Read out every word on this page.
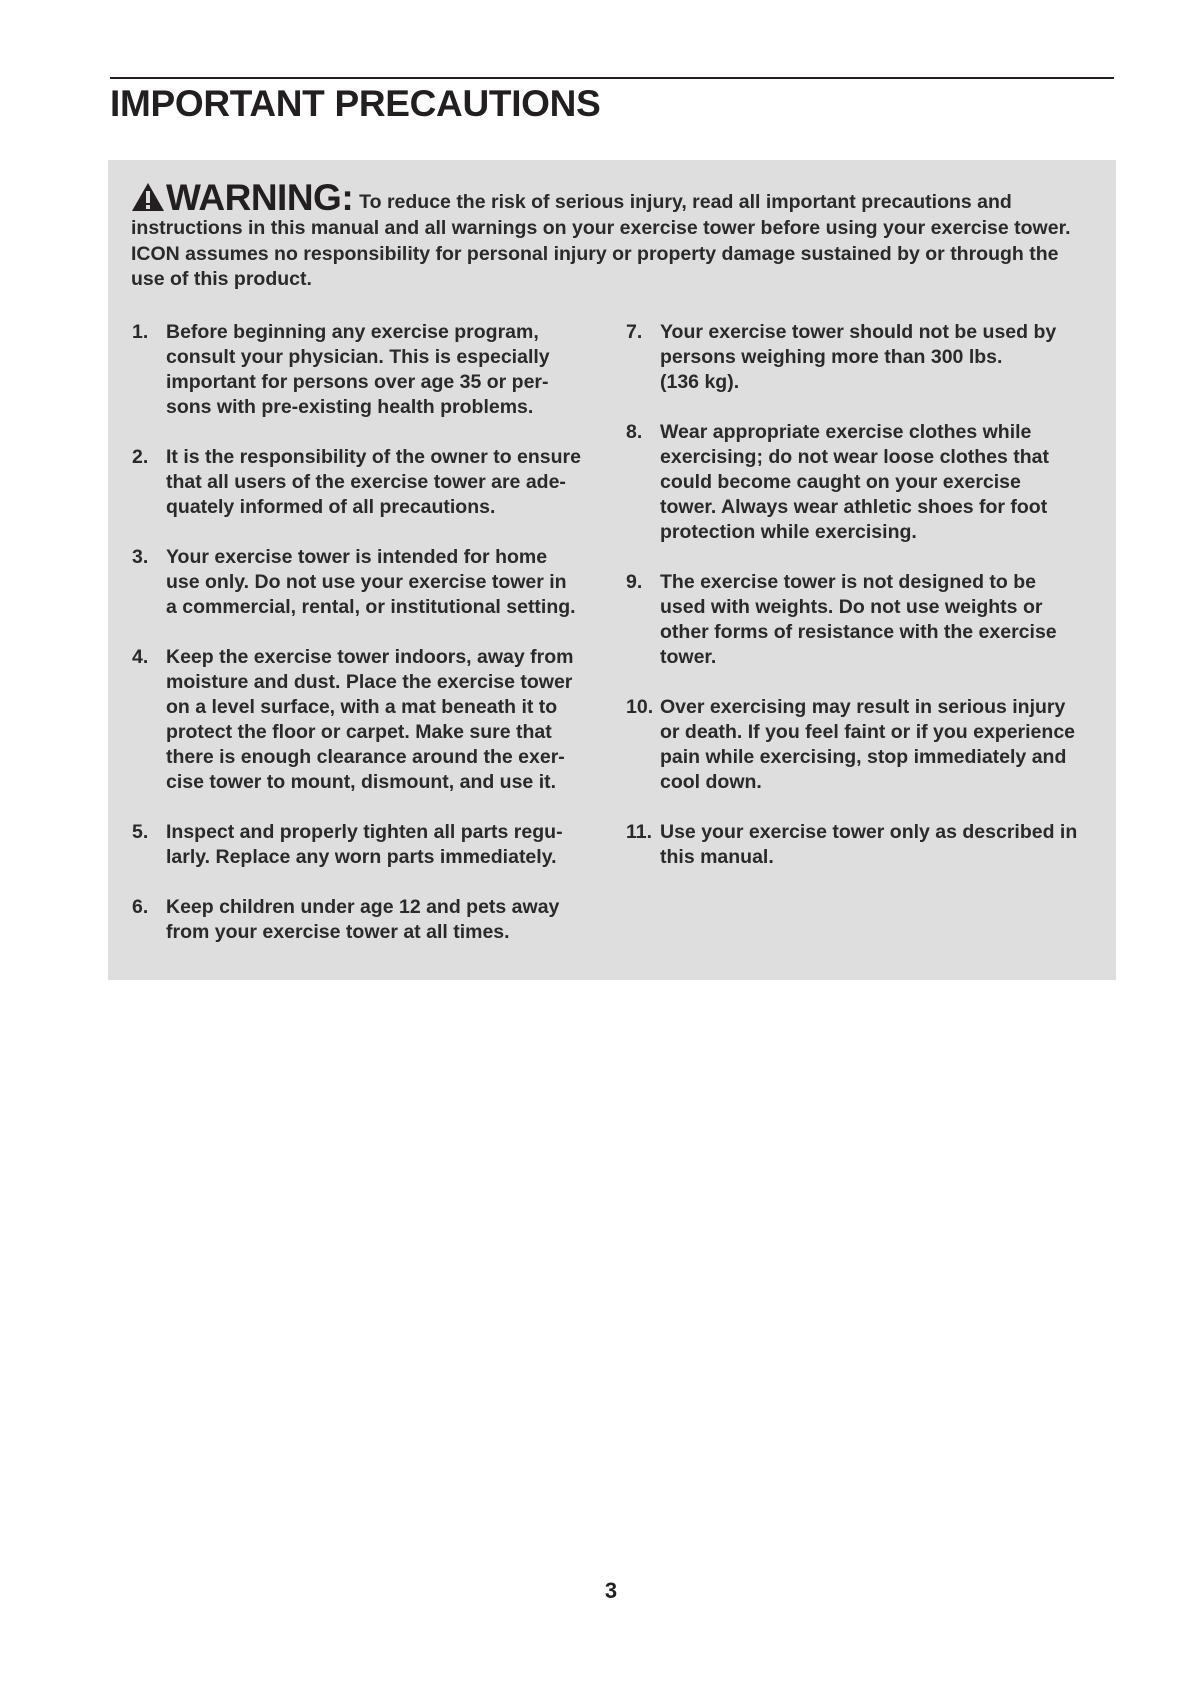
IMPORTANT PRECAUTIONS

WARNING: To reduce the risk of serious injury, read all important precautions and instructions in this manual and all warnings on your exercise tower before using your exercise tower. ICON assumes no responsibility for personal injury or property damage sustained by or through the use of this product.

1. Before beginning any exercise program,
consult your physician. This is especially
important for persons over age 35 or per-
sons with pre-existing health problems.
2. It is the responsibility of the owner to ensure
that all users of the exercise tower are ade-
quately informed of all precautions.
3. Your exercise tower is intended for home
use only. Do not use your exercise tower in
a commercial, rental, or institutional setting.
4. Keep the exercise tower indoors, away from
moisture and dust. Place the exercise tower
on a level surface, with a mat beneath it to
protect the floor or carpet. Make sure that
there is enough clearance around the exer-
cise tower to mount, dismount, and use it.
5. Inspect and properly tighten all parts regu-
larly. Replace any worn parts immediately.
6. Keep children under age 12 and pets away
from your exercise tower at all times.
7. Your exercise tower should not be used by
persons weighing more than 300 lbs.
(136 kg).
8. Wear appropriate exercise clothes while
exercising; do not wear loose clothes that
could become caught on your exercise
tower. Always wear athletic shoes for foot
protection while exercising.
9. The exercise tower is not designed to be
used with weights. Do not use weights or
other forms of resistance with the exercise
tower.
10. Over exercising may result in serious injury
or death. If you feel faint or if you experience
pain while exercising, stop immediately and
cool down.
11. Use your exercise tower only as described in
this manual.
3
